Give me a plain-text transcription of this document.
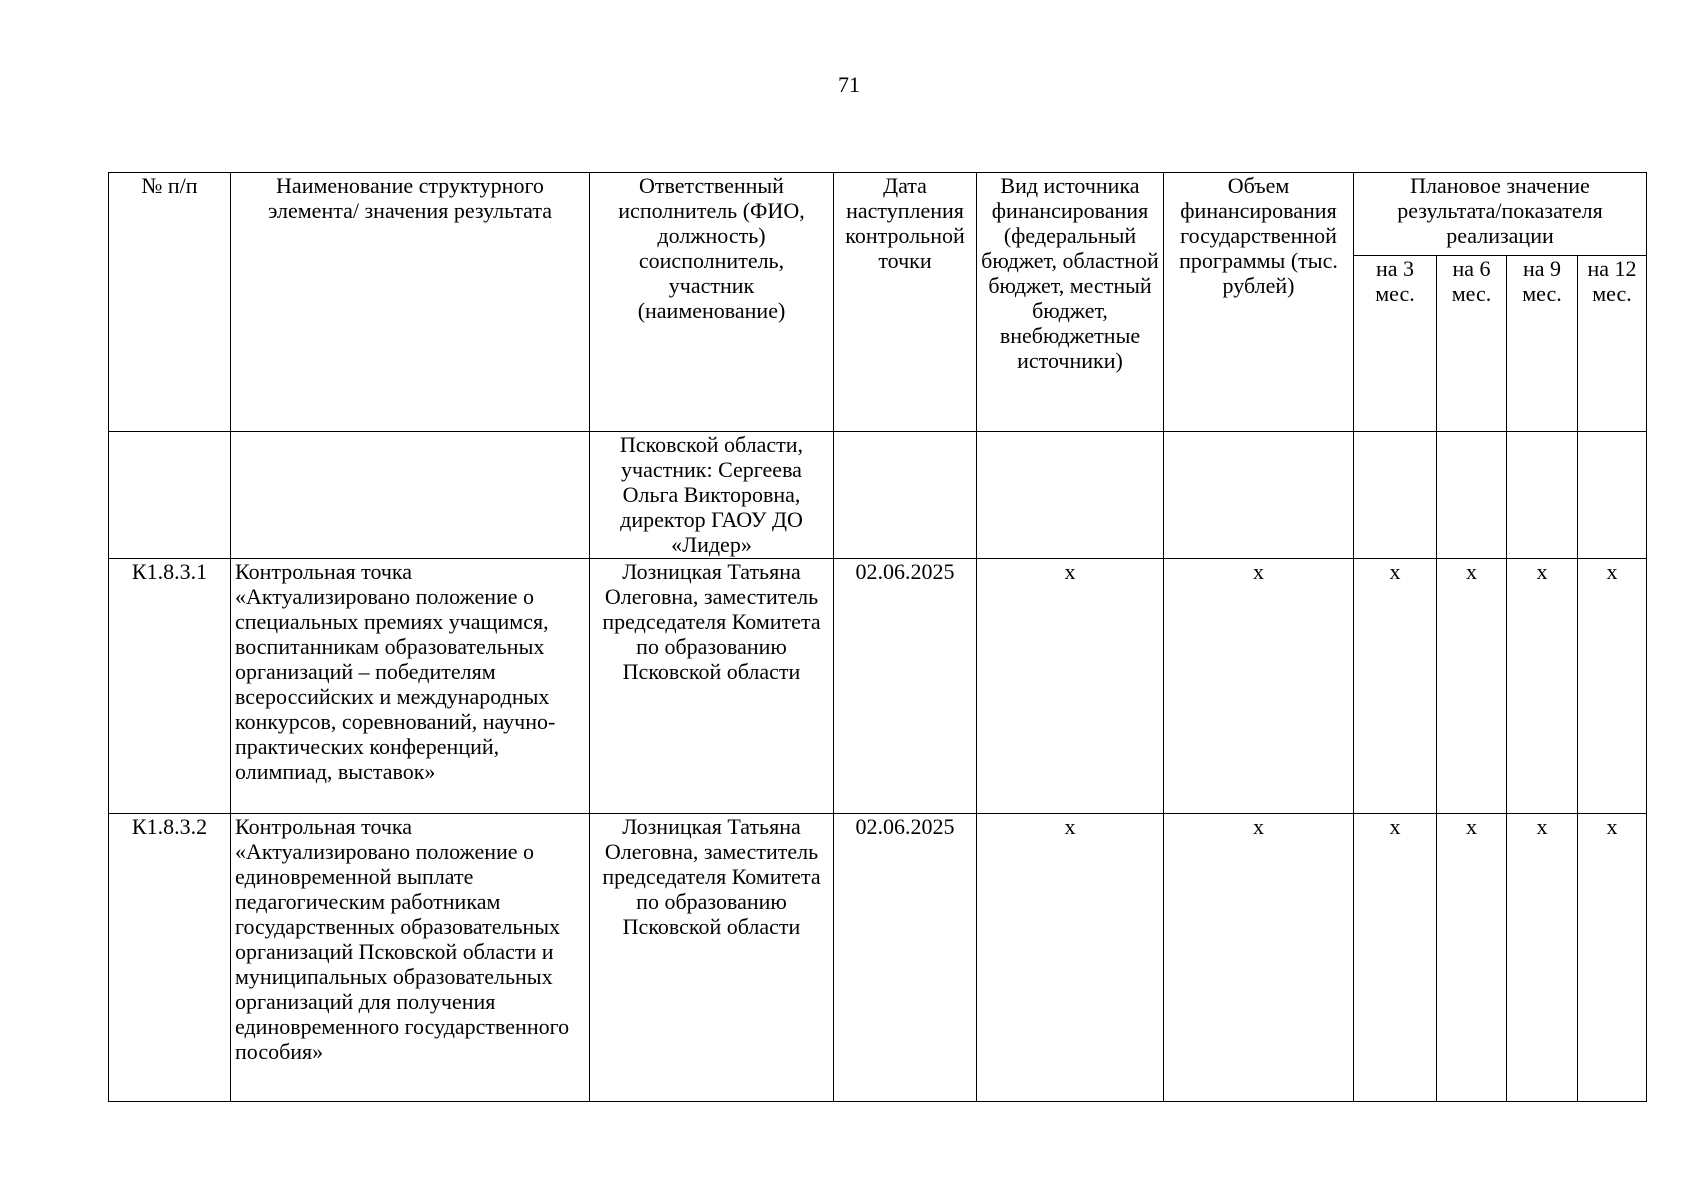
71
№ п/п	Наименование структурного элемента/ значения результата	Ответственный исполнитель (ФИО, должность) соисполнитель, участник (наименование)	Дата наступления контрольной точки	Вид источника финансирования (федеральный бюджет, областной бюджет, местный бюджет, внебюджетные источники)	Объем финансирования государственной программы (тыс. рублей)	Плановое значение результата/показателя реализации			
						на 3 мес.	на 6 мес.	на 9 мес.	на 12 мес.
		Псковской области, участник: Сергеева Ольга Викторовна, директор ГАОУ ДО «Лидер»							
К1.8.3.1	Контрольная точка «Актуализировано положение о специальных премиях учащимся, воспитанникам образовательных организаций – победителям всероссийских и международных конкурсов, соревнований, научно-практических конференций, олимпиад, выставок»	Лозницкая Татьяна Олеговна, заместитель председателя Комитета по образованию Псковской области	02.06.2025	x	x	x	x	x	x
К1.8.3.2	Контрольная точка «Актуализировано положение о единовременной выплате педагогическим работникам государственных образовательных организаций Псковской области и муниципальных образовательных организаций для получения единовременного государственного пособия»	Лозницкая Татьяна Олеговна, заместитель председателя Комитета по образованию Псковской области	02.06.2025	x	x	x	x	x	x
